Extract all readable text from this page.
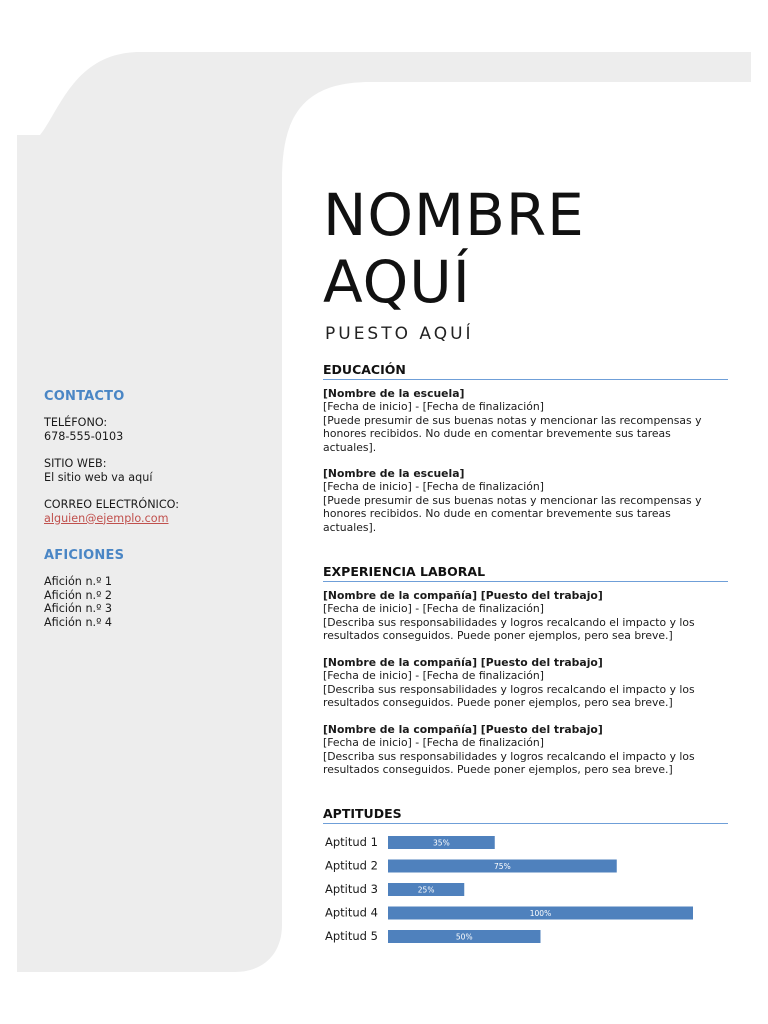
CONTACTO
TELÉFONO:
678-555-0103
SITIO WEB:
El sitio web va aquí
CORREO ELECTRÓNICO:
alguien@ejemplo.com
AFICIONES
Afición n.º 1
Afición n.º 2
Afición n.º 3
Afición n.º 4
NOMBRE
AQUÍ
PUESTO AQUÍ
EDUCACIÓN
[Nombre de la escuela]
[Fecha de inicio] - [Fecha de finalización]
[Puede presumir de sus buenas notas y mencionar las recompensas y honores recibidos. No dude en comentar brevemente sus tareas actuales].
[Nombre de la escuela]
[Fecha de inicio] - [Fecha de finalización]
[Puede presumir de sus buenas notas y mencionar las recompensas y honores recibidos. No dude en comentar brevemente sus tareas actuales].
EXPERIENCIA LABORAL
[Nombre de la compañía] [Puesto del trabajo]
[Fecha de inicio] - [Fecha de finalización]
[Describa sus responsabilidades y logros recalcando el impacto y los resultados conseguidos. Puede poner ejemplos, pero sea breve.]
[Nombre de la compañía] [Puesto del trabajo]
[Fecha de inicio] - [Fecha de finalización]
[Describa sus responsabilidades y logros recalcando el impacto y los resultados conseguidos. Puede poner ejemplos, pero sea breve.]
[Nombre de la compañía] [Puesto del trabajo]
[Fecha de inicio] - [Fecha de finalización]
[Describa sus responsabilidades y logros recalcando el impacto y los resultados conseguidos. Puede poner ejemplos, pero sea breve.]
APTITUDES
Aptitud 1	35%
Aptitud 2	75%
Aptitud 3	25%
Aptitud 4	100%
Aptitud 5	50%
